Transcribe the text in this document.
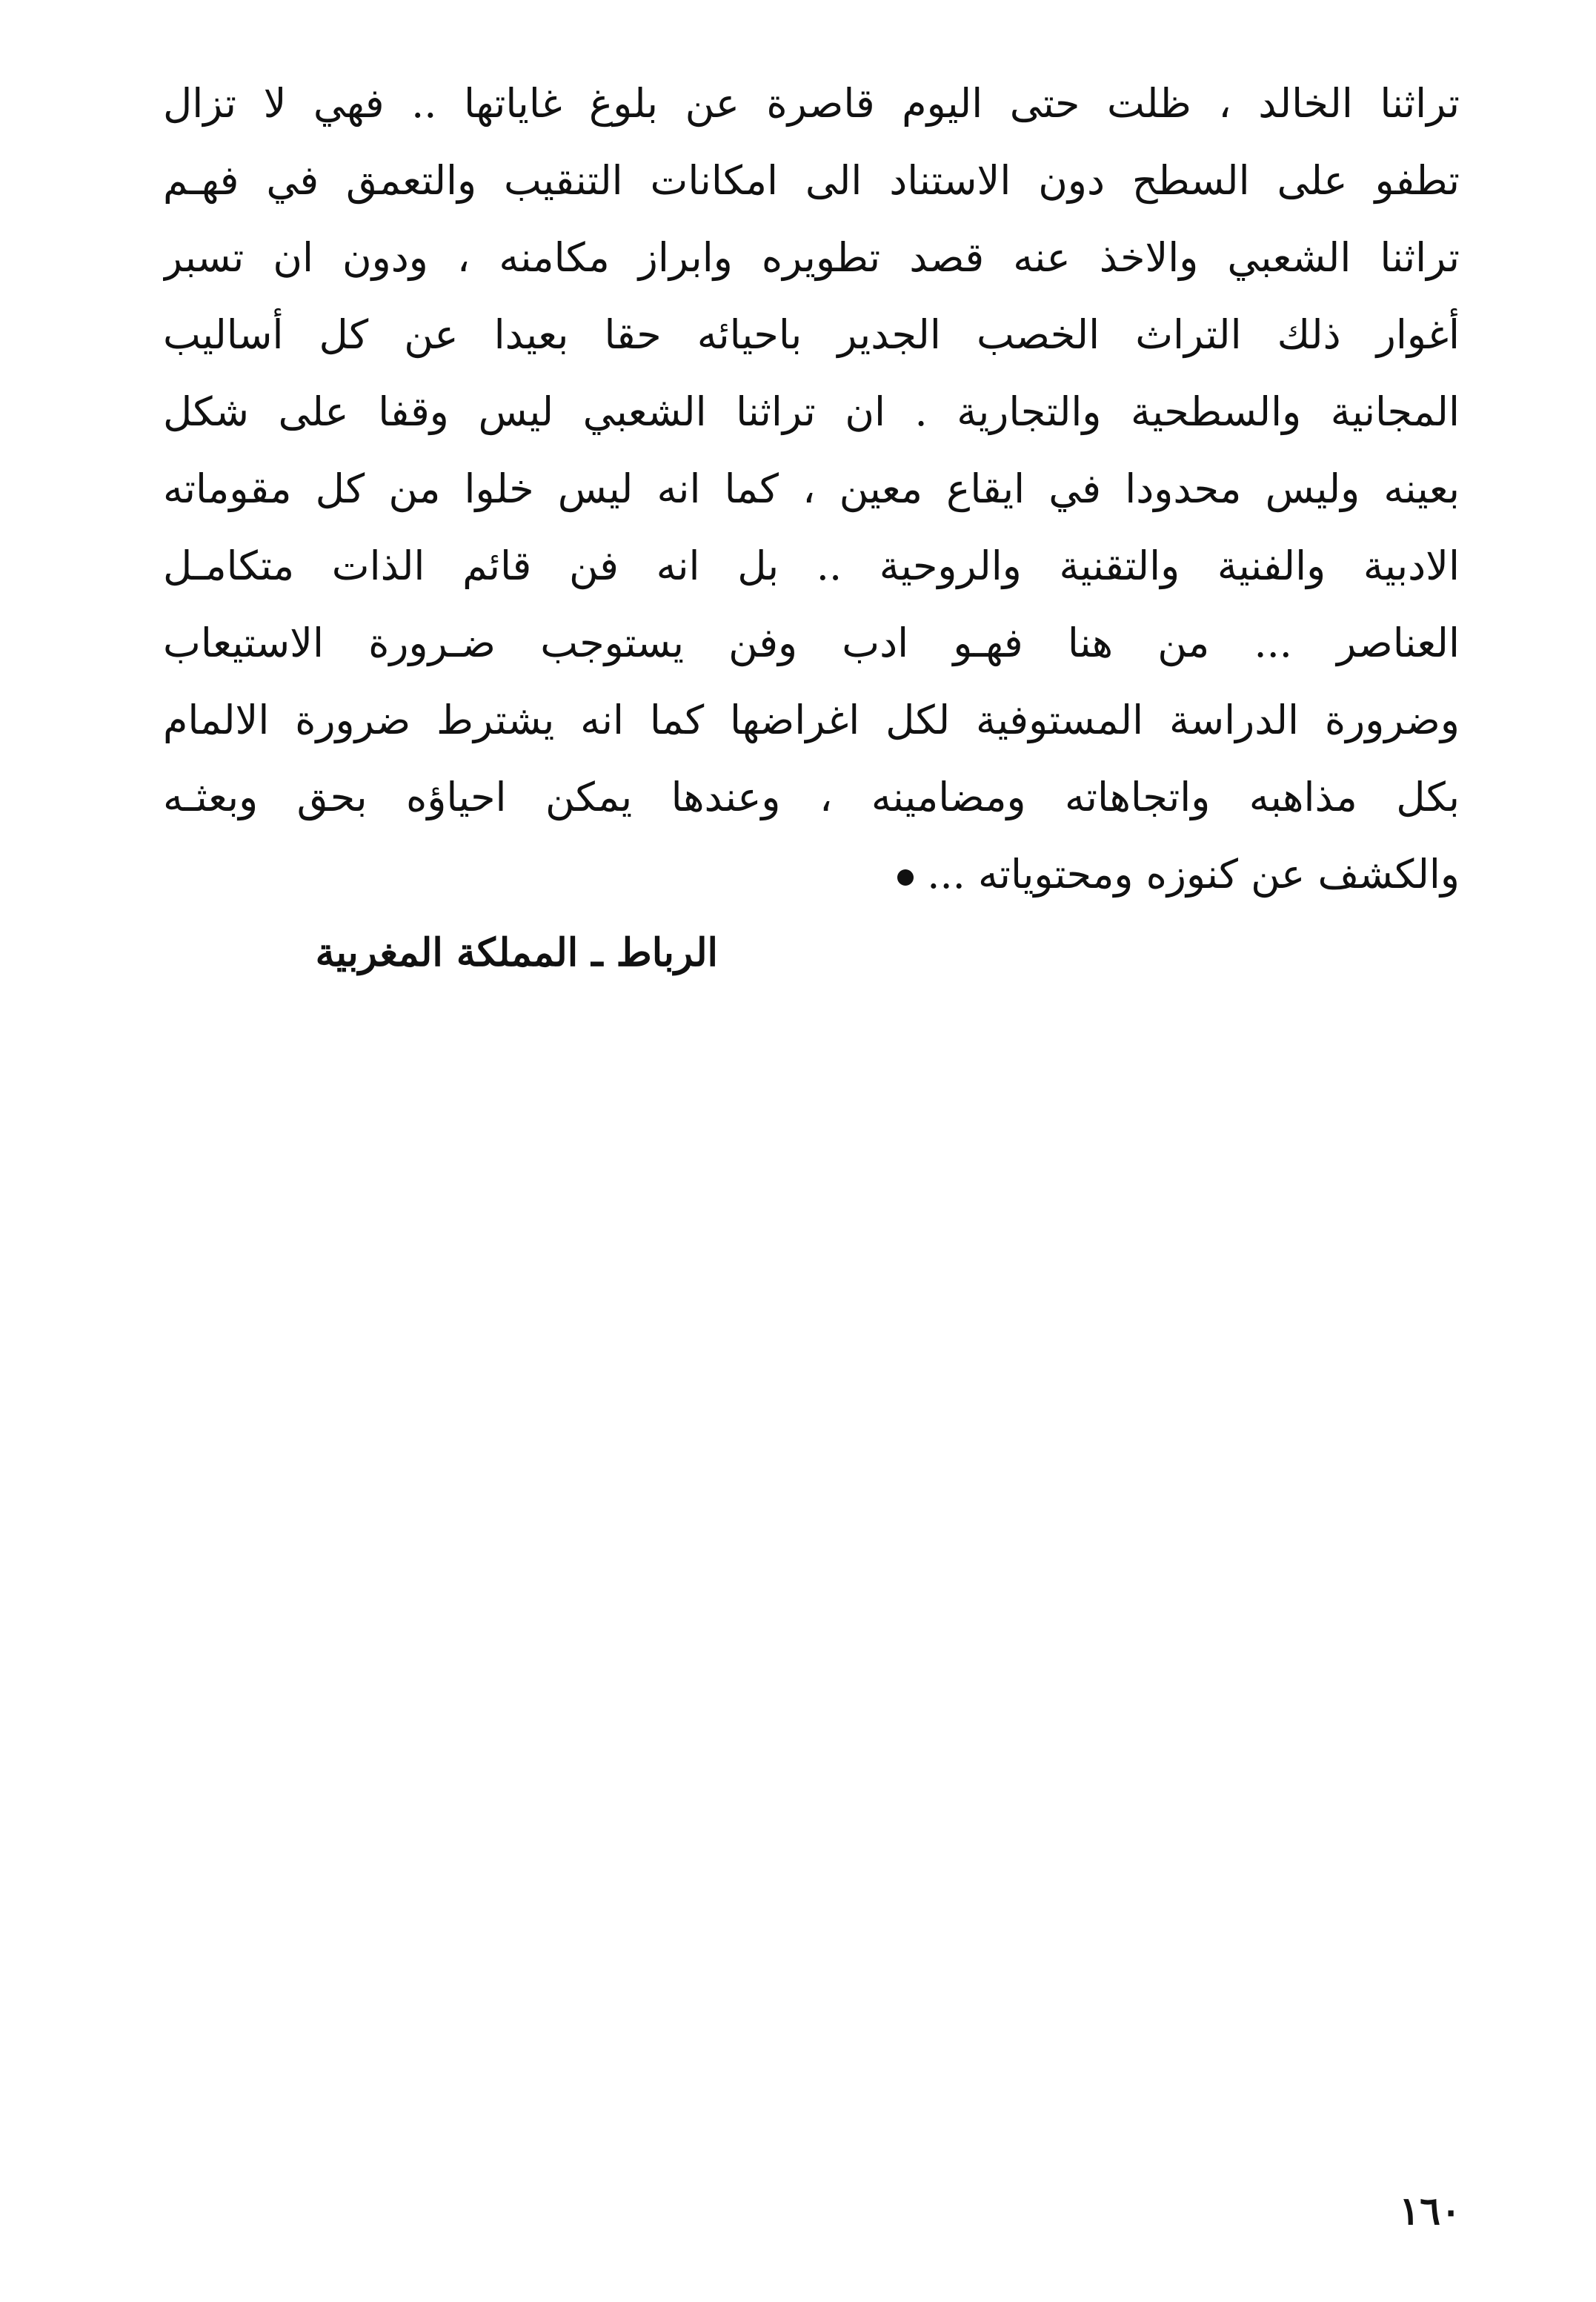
تراثنا الخالد ، ظلت حتى اليوم قاصرة عن بلوغ غاياتها .. فهي لا تزال
تطفو على السطح دون الاستناد الى امكانات التنقيب والتعمق في فهـم
تراثنا الشعبي والاخذ عنه قصد تطويره وابراز مكامنه ، ودون ان تسبر
أغوار ذلك التراث الخصب الجدير باحيائه حقا بعيدا عن كل أساليب
المجانية والسطحية والتجارية . ان تراثنا الشعبي ليس وقفا على شكل
بعينه وليس محدودا في ايقاع معين ، كما انه ليس خلوا من كل مقوماته
الادبية والفنية والتقنية والروحية .. بل انه فن قائم الذات متكامـل
العناصر ... من هنا فهـو ادب وفن يستوجب ضـرورة الاستيعاب
وضرورة الدراسة المستوفية لكل اغراضها كما انه يشترط ضرورة الالمام
بكل مذاهبه واتجاهاته ومضامينه ، وعندها يمكن احياؤه بحق وبعثـه
والكشف عن كنوزه ومحتوياته ...
الرباط ـ المملكة المغربية
١٦٠
